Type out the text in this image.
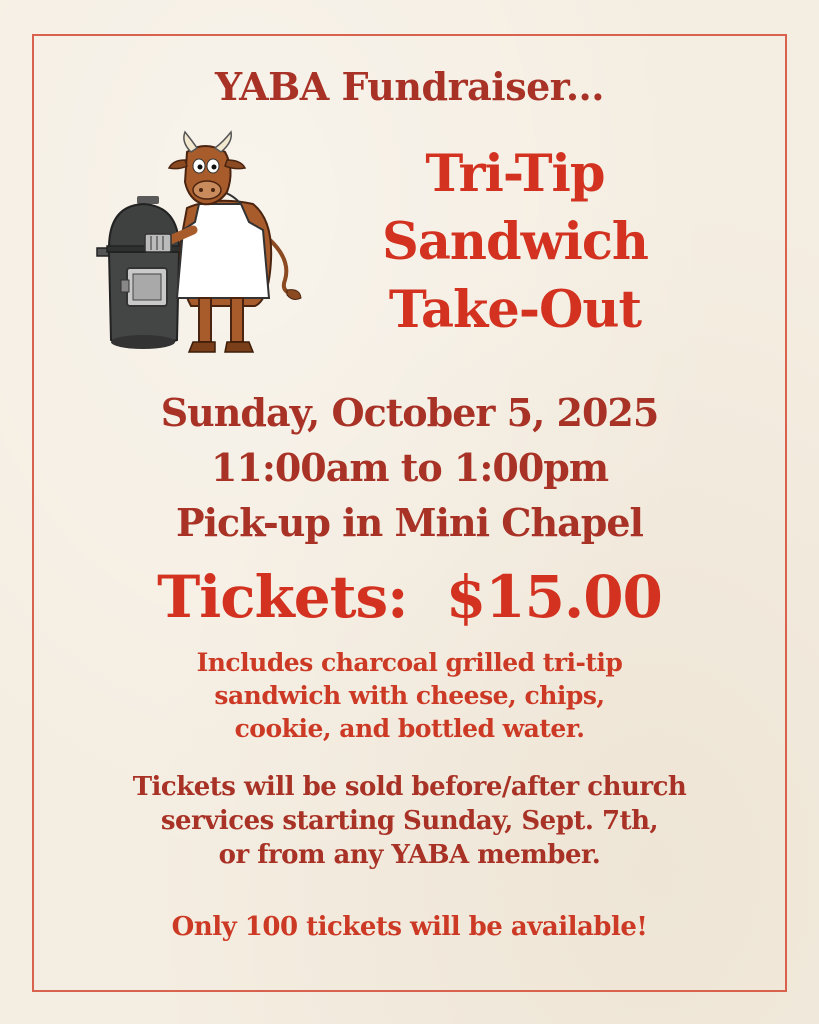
YABA Fundraiser...
Tri-Tip
Sandwich
Take-Out
Sunday, October 5, 2025
11:00am to 1:00pm
Pick-up in Mini Chapel
Tickets:  $15.00
Includes charcoal grilled tri-tip
sandwich with cheese, chips,
cookie, and bottled water.
Tickets will be sold before/after church
services starting Sunday, Sept. 7th,
or from any YABA member.
Only 100 tickets will be available!
